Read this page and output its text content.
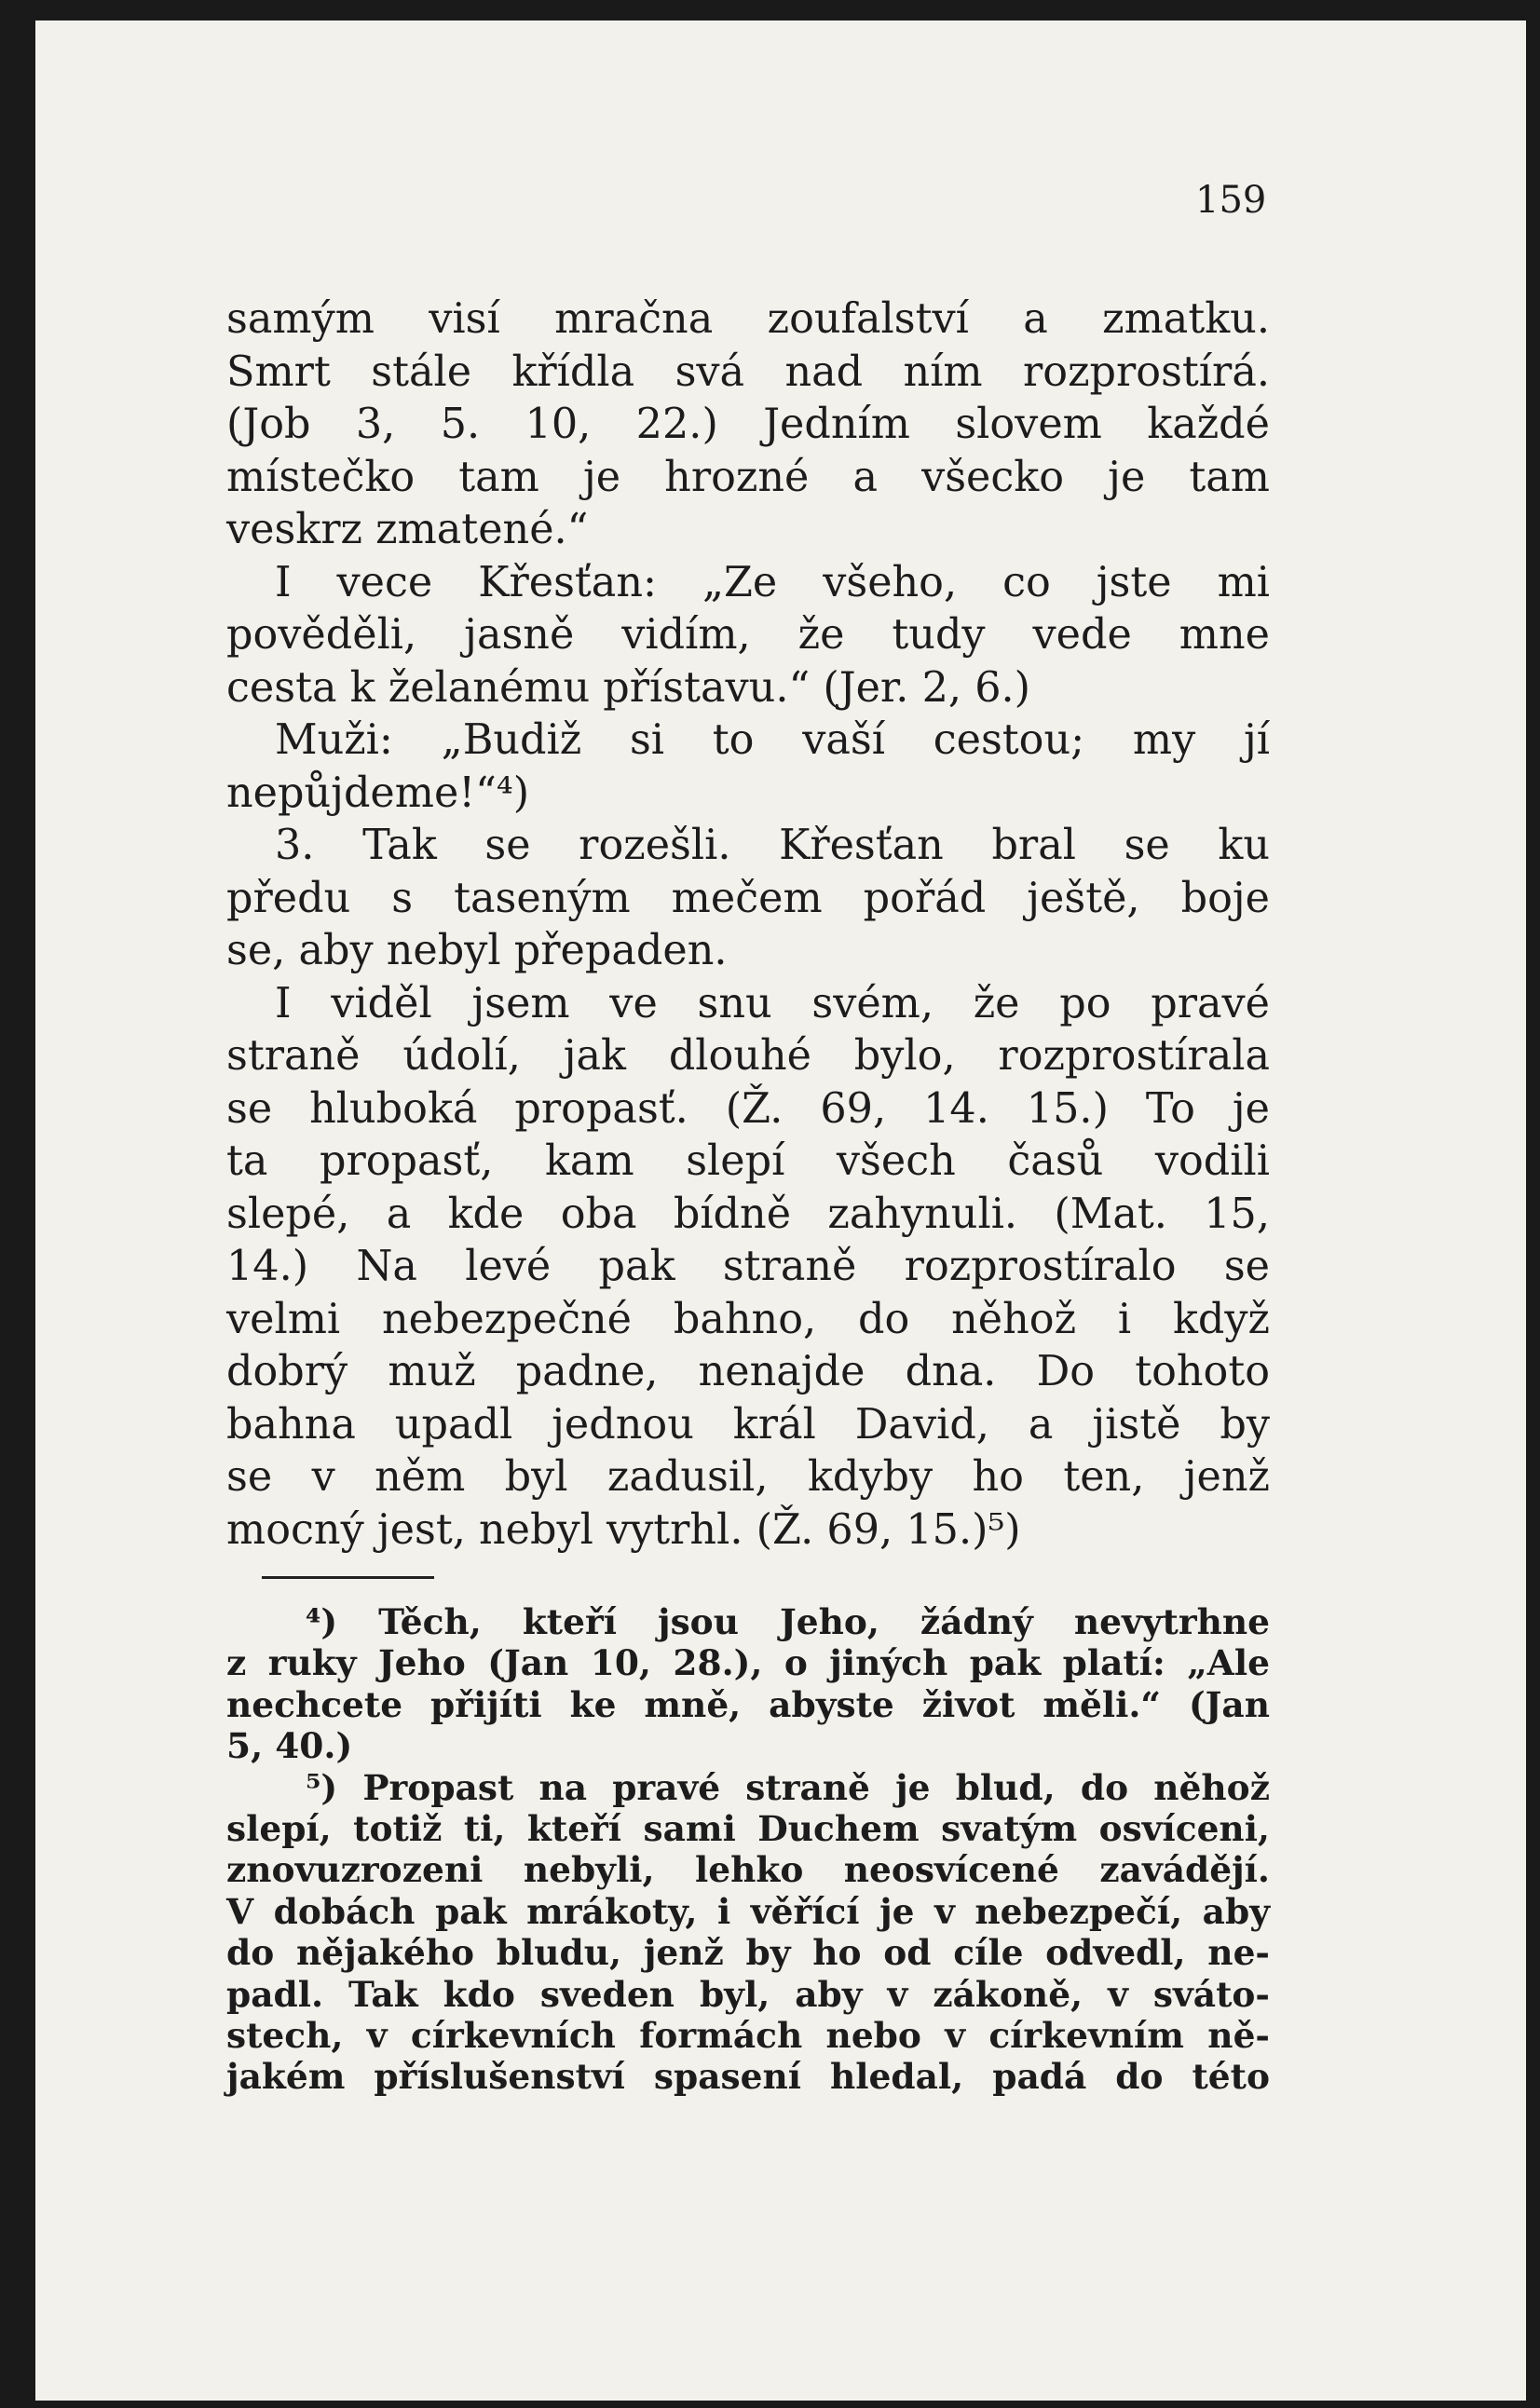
159
samým visí mračna zoufalství a zmatku.
Smrt stále křídla svá nad ním rozprostírá.
(Job 3, 5. 10, 22.) Jedním slovem každé
místečko tam je hrozné a všecko je tam
veskrz zmatené.“
I vece Křesťan: „Ze všeho, co jste mi
pověděli, jasně vidím, že tudy vede mne
cesta k želanému přístavu.“ (Jer. 2, 6.)
Muži: „Budiž si to vaší cestou; my jí
nepůjdeme!“⁴)
3. Tak se rozešli. Křesťan bral se ku
předu s taseným mečem pořád ještě, boje
se, aby nebyl přepaden.
I viděl jsem ve snu svém, že po pravé
straně údolí, jak dlouhé bylo, rozprostírala
se hluboká propasť. (Ž. 69, 14. 15.) To je
ta propasť, kam slepí všech časů vodili
slepé, a kde oba bídně zahynuli. (Mat. 15,
14.) Na levé pak straně rozprostíralo se
velmi nebezpečné bahno, do něhož i když
dobrý muž padne, nenajde dna. Do tohoto
bahna upadl jednou král David, a jistě by
se v něm byl zadusil, kdyby ho ten, jenž
mocný jest, nebyl vytrhl. (Ž. 69, 15.)⁵)
⁴) Těch, kteří jsou Jeho, žádný nevytrhne
z ruky Jeho (Jan 10, 28.), o jiných pak platí: „Ale
nechcete přijíti ke mně, abyste život měli.“ (Jan
5, 40.)
⁵) Propast na pravé straně je blud, do něhož
slepí, totiž ti, kteří sami Duchem svatým osvíceni,
znovuzrozeni nebyli, lehko neosvícené zavádějí.
V dobách pak mrákoty, i věřící je v nebezpečí, aby
do nějakého bludu, jenž by ho od cíle odvedl, ne-
padl. Tak kdo sveden byl, aby v zákoně, v sváto-
stech, v církevních formách nebo v církevním ně-
jakém příslušenství spasení hledal, padá do této
